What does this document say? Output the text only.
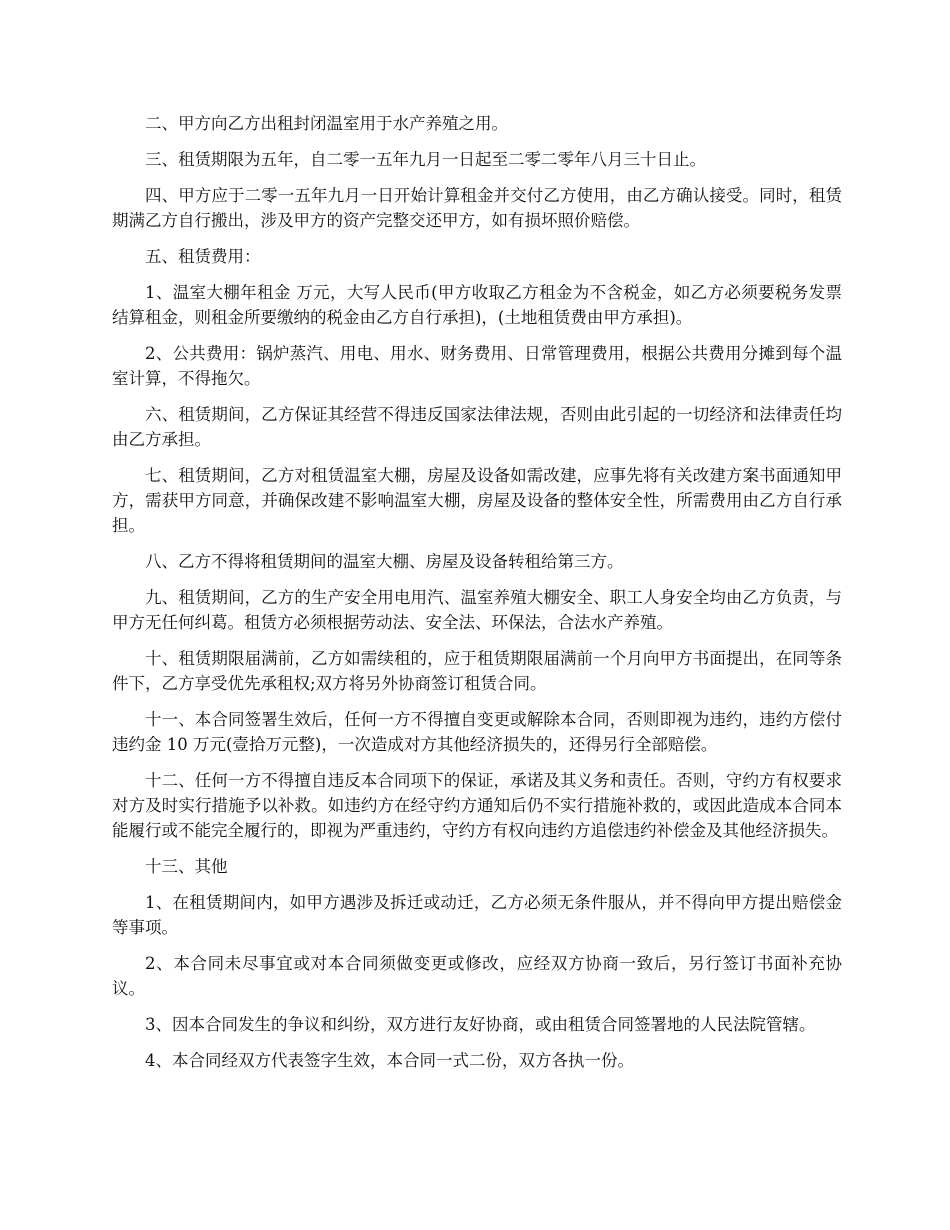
二、甲方向乙方出租封闭温室用于水产养殖之用。

三、租赁期限为五年，自二零一五年九月一日起至二零二零年八月三十日止。

四、甲方应于二零一五年九月一日开始计算租金并交付乙方使用，由乙方确认接受。同时，租赁期满乙方自行搬出，涉及甲方的资产完整交还甲方，如有损坏照价赔偿。

五、租赁费用：

1、温室大棚年租金 万元，大写人民币(甲方收取乙方租金为不含税金，如乙方必须要税务发票结算租金，则租金所要缴纳的税金由乙方自行承担)，(土地租赁费由甲方承担)。

2、公共费用：锅炉蒸汽、用电、用水、财务费用、日常管理费用，根据公共费用分摊到每个温室计算，不得拖欠。

六、租赁期间，乙方保证其经营不得违反国家法律法规，否则由此引起的一切经济和法律责任均由乙方承担。

七、租赁期间，乙方对租赁温室大棚，房屋及设备如需改建，应事先将有关改建方案书面通知甲方，需获甲方同意，并确保改建不影响温室大棚，房屋及设备的整体安全性，所需费用由乙方自行承担。

八、乙方不得将租赁期间的温室大棚、房屋及设备转租给第三方。

九、租赁期间，乙方的生产安全用电用汽、温室养殖大棚安全、职工人身安全均由乙方负责，与甲方无任何纠葛。租赁方必须根据劳动法、安全法、环保法，合法水产养殖。

十、租赁期限届满前，乙方如需续租的，应于租赁期限届满前一个月向甲方书面提出，在同等条件下，乙方享受优先承租权;双方将另外协商签订租赁合同。

十一、本合同签署生效后，任何一方不得擅自变更或解除本合同，否则即视为违约，违约方偿付违约金 10 万元(壹拾万元整)，一次造成对方其他经济损失的，还得另行全部赔偿。

十二、任何一方不得擅自违反本合同项下的保证，承诺及其义务和责任。否则，守约方有权要求对方及时实行措施予以补救。如违约方在经守约方通知后仍不实行措施补救的，或因此造成本合同本能履行或不能完全履行的，即视为严重违约，守约方有权向违约方追偿违约补偿金及其他经济损失。

十三、其他

1、在租赁期间内，如甲方遇涉及拆迁或动迁，乙方必须无条件服从，并不得向甲方提出赔偿金等事项。

2、本合同未尽事宜或对本合同须做变更或修改，应经双方协商一致后，另行签订书面补充协议。

3、因本合同发生的争议和纠纷，双方进行友好协商，或由租赁合同签署地的人民法院管辖。

4、本合同经双方代表签字生效，本合同一式二份，双方各执一份。
